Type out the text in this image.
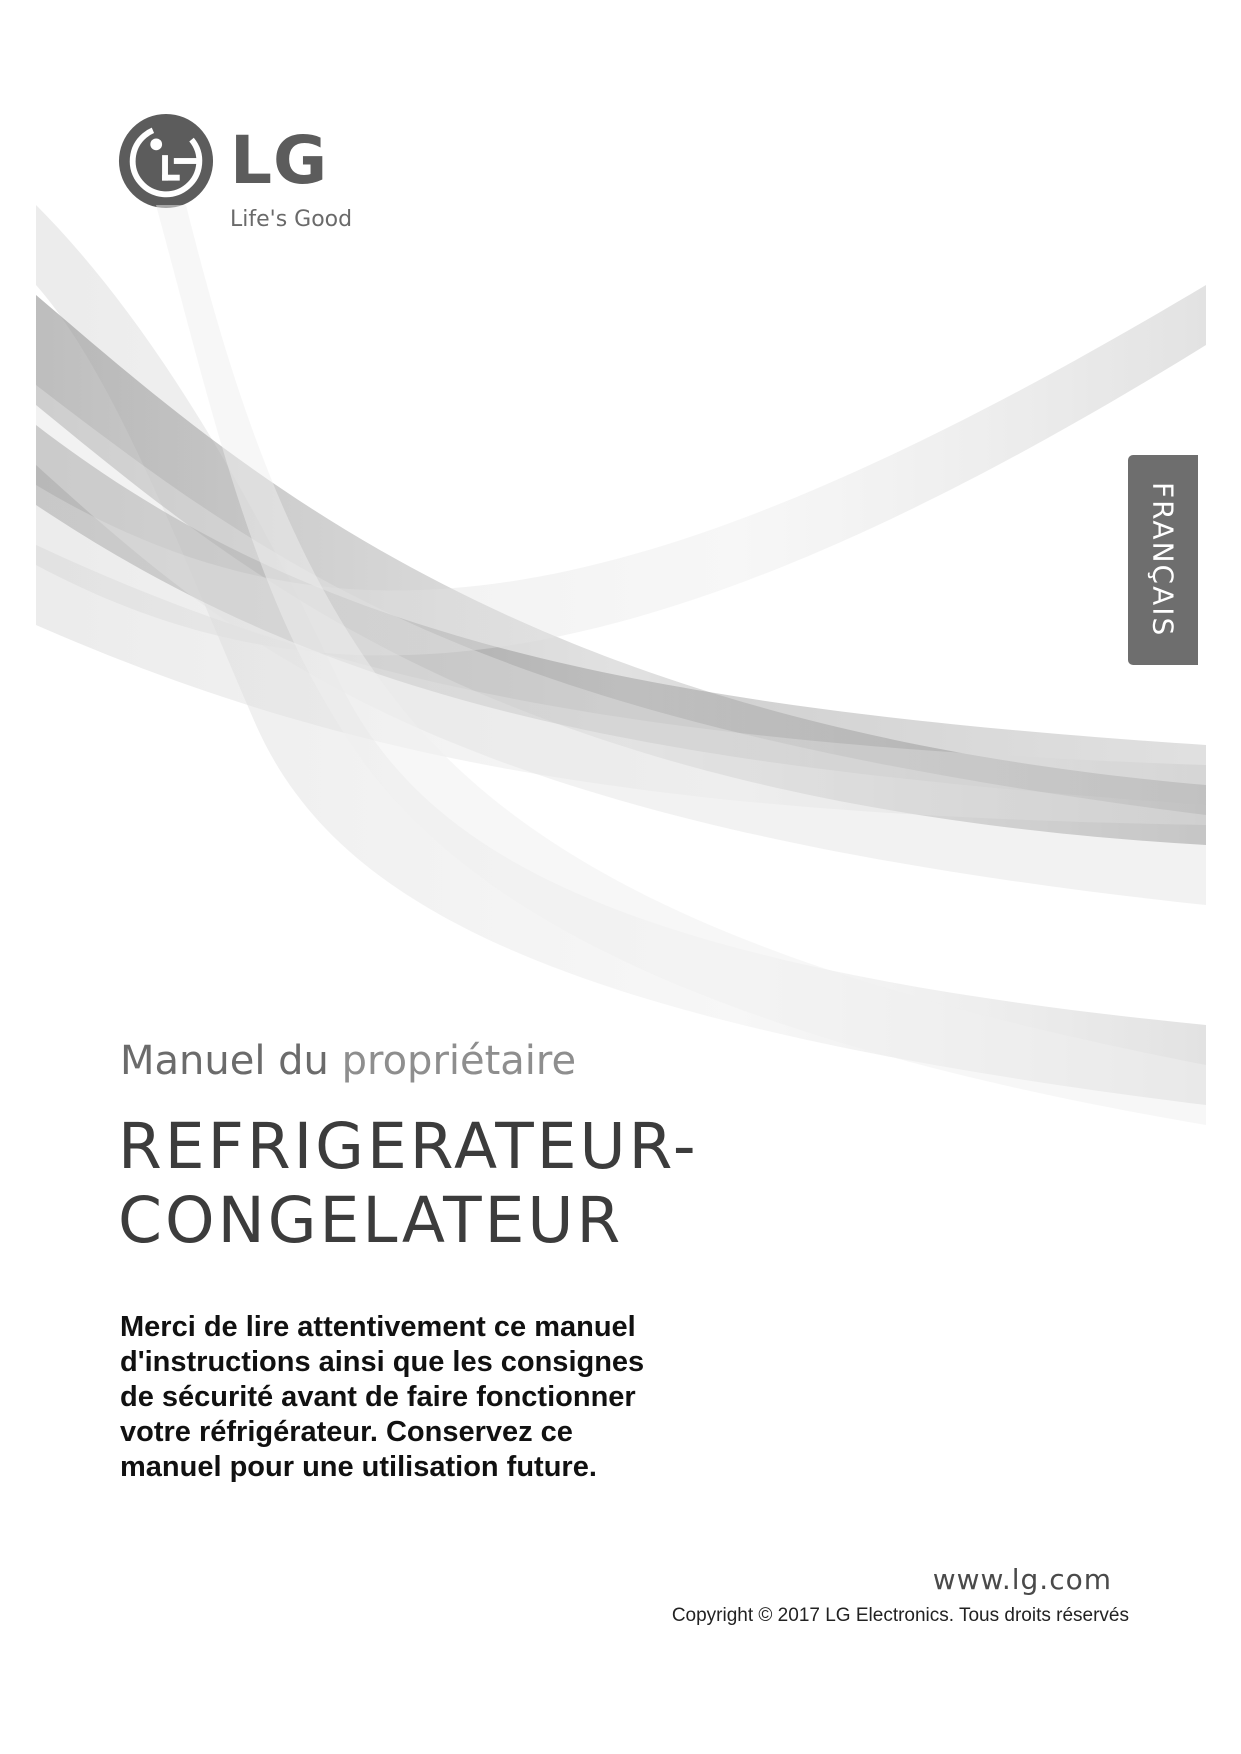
LG
Life's Good
FRANÇAIS
Manuel du propriétaire
REFRIGERATEUR-
CONGELATEUR
Merci de lire attentivement ce manuel
d'instructions ainsi que les consignes
de sécurité avant de faire fonctionner
votre réfrigérateur. Conservez ce
manuel pour une utilisation future.
www.lg.com
Copyright © 2017 LG Electronics. Tous droits réservés
